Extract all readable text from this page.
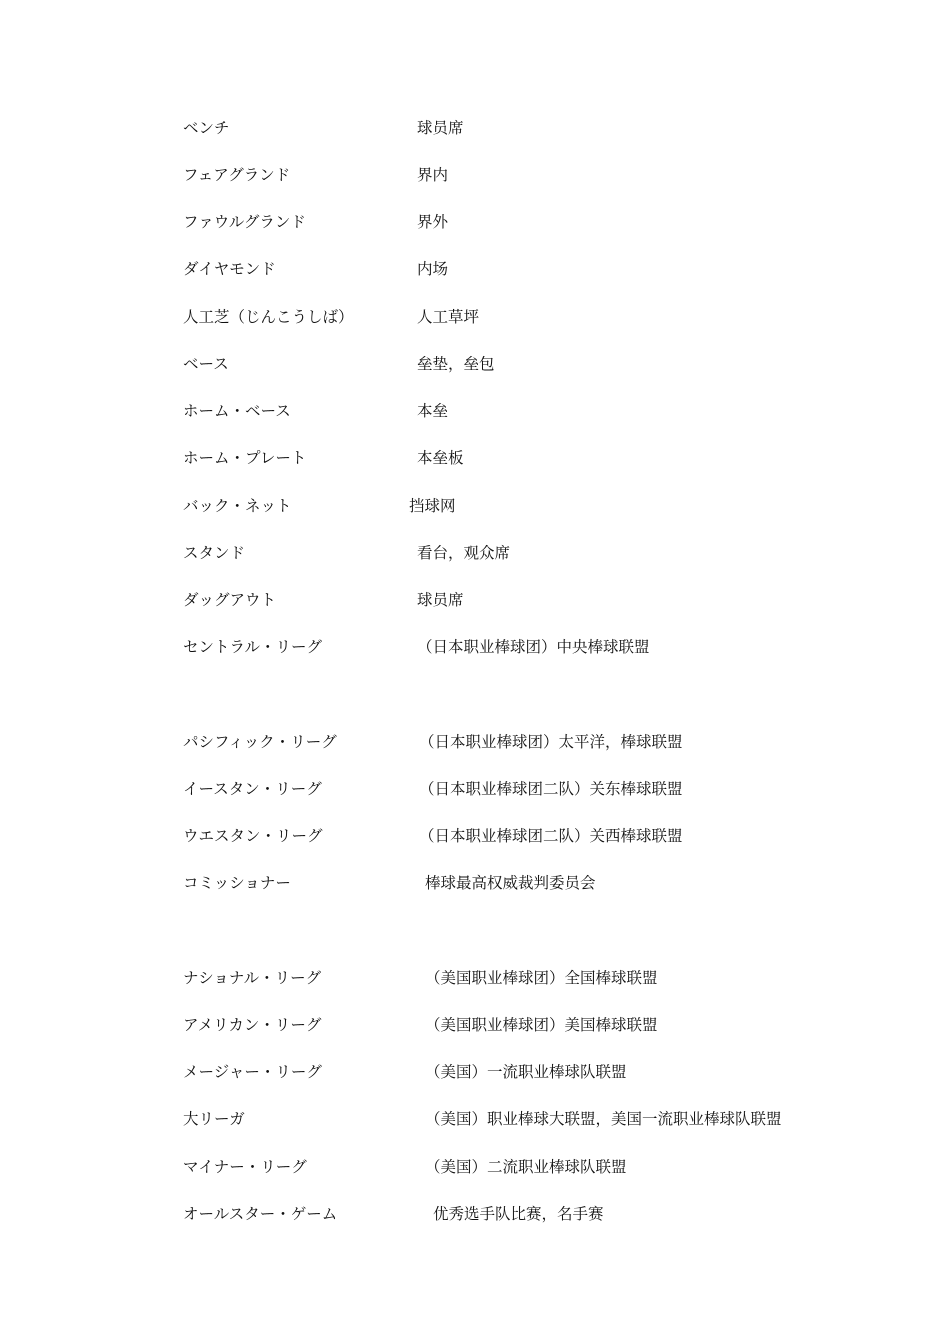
ベンチ	球员席
フェアグランド	界内
ファウルグランド	界外
ダイヤモンド	内场
人工芝（じんこうしば）	人工草坪
ベース	垒垫，垒包
ホーム・ベース	本垒
ホーム・プレート	本垒板
バック・ネット	挡球网
スタンド	看台，观众席
ダッグアウト	球员席
セントラル・リーグ	（日本职业棒球团）中央棒球联盟
パシフィック・リーグ	（日本职业棒球团）太平洋，棒球联盟
イースタン・リーグ	（日本职业棒球团二队）关东棒球联盟
ウエスタン・リーグ	（日本职业棒球团二队）关西棒球联盟
コミッショナー	棒球最高权威裁判委员会
ナショナル・リーグ	（美国职业棒球团）全国棒球联盟
アメリカン・リーグ	（美国职业棒球团）美国棒球联盟
メージャー・リーグ	（美国）一流职业棒球队联盟
大リーガ	（美国）职业棒球大联盟，美国一流职业棒球队联盟
マイナー・リーグ	（美国）二流职业棒球队联盟
オールスター・ゲーム	优秀选手队比赛，名手赛
